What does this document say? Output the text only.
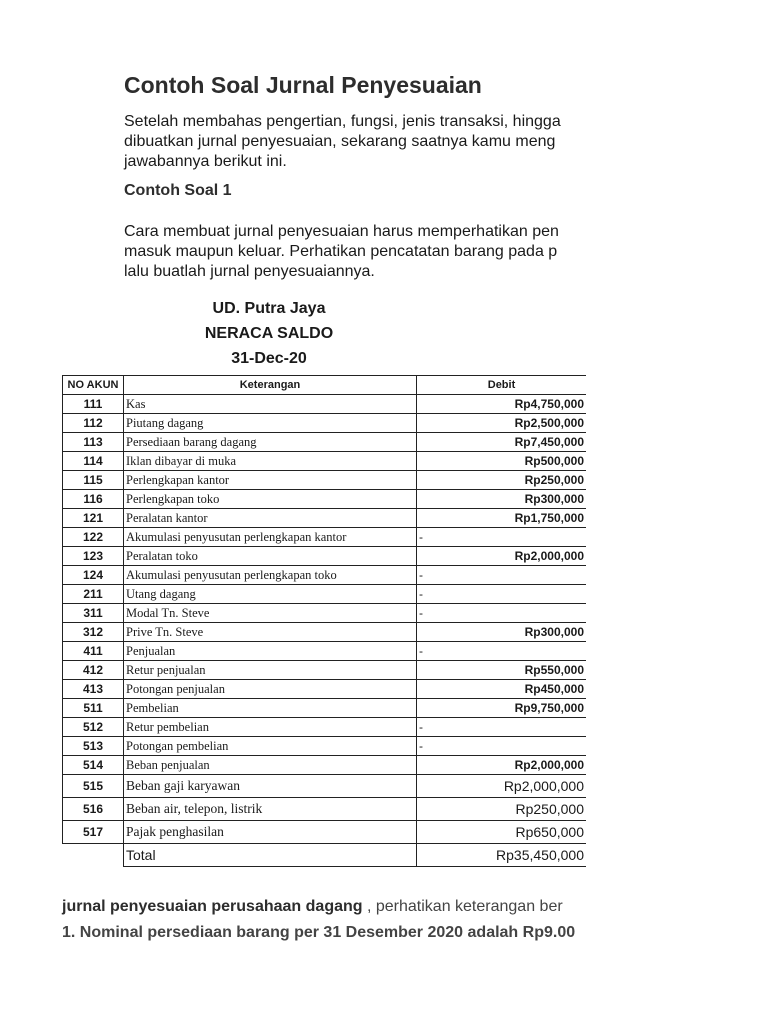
Contoh Soal Jurnal Penyesuaian
Setelah membahas pengertian, fungsi, jenis transaksi, hingga
dibuatkan jurnal penyesuaian, sekarang saatnya kamu meng
jawabannya berikut ini.
Contoh Soal 1
Cara membuat jurnal penyesuaian harus memperhatikan pen
masuk maupun keluar. Perhatikan pencatatan barang pada p
lalu buatlah jurnal penyesuaiannya.
UD. Putra Jaya
NERACA SALDO
31-Dec-20
NO AKUN	Keterangan	Debit
111	Kas	Rp4,750,000
112	Piutang dagang	Rp2,500,000
113	Persediaan barang dagang	Rp7,450,000
114	Iklan dibayar di muka	Rp500,000
115	Perlengkapan kantor	Rp250,000
116	Perlengkapan toko	Rp300,000
121	Peralatan kantor	Rp1,750,000
122	Akumulasi penyusutan perlengkapan kantor	-
123	Peralatan toko	Rp2,000,000
124	Akumulasi penyusutan perlengkapan toko	-
211	Utang dagang	-
311	Modal Tn. Steve	-
312	Prive Tn. Steve	Rp300,000
411	Penjualan	-
412	Retur penjualan	Rp550,000
413	Potongan penjualan	Rp450,000
511	Pembelian	Rp9,750,000
512	Retur pembelian	-
513	Potongan pembelian	-
514	Beban penjualan	Rp2,000,000
515	Beban gaji karyawan	Rp2,000,000
516	Beban air, telepon, listrik	Rp250,000
517	Pajak penghasilan	Rp650,000
	Total	Rp35,450,000
jurnal penyesuaian perusahaan dagang , perhatikan keterangan ber
1. Nominal persediaan barang per 31 Desember 2020 adalah Rp9.00
